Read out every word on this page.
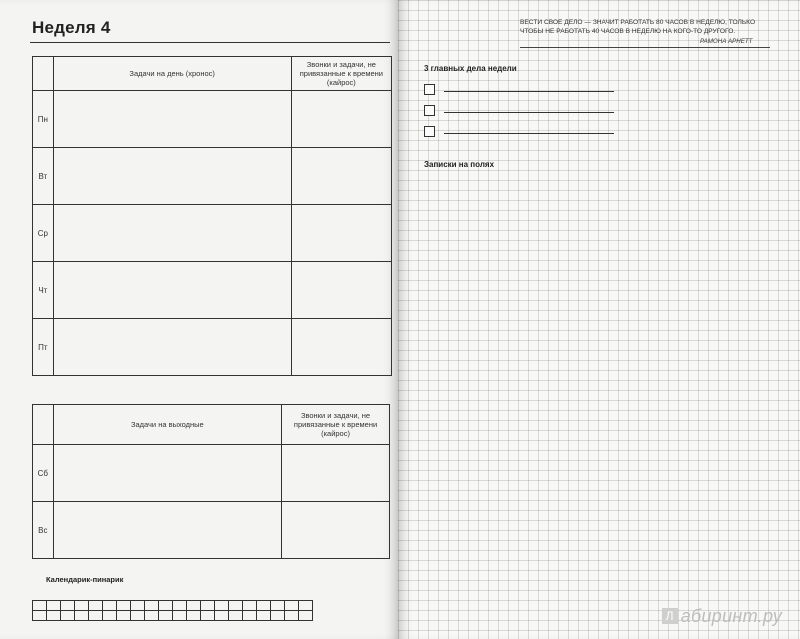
Неделя 4
	Задачи на день (хронос)	Звонки и задачи, не привязанные к времени (кайрос)
Пн		
Вт		
Ср		
Чт		
Пт		
	Задачи на выходные	Звонки и задачи, не привязанные к времени (кайрос)
Сб		
Вс		
Календарик-пинарик

ВЕСТИ СВОЕ ДЕЛО — ЗНАЧИТ РАБОТАТЬ 80 ЧАСОВ В НЕДЕЛЮ, ТОЛЬКО ЧТОБЫ НЕ РАБОТАТЬ 40 ЧАСОВ В НЕДЕЛЮ НА КОГО-ТО ДРУГОГО.
РАМОНА АРНЕТТ
3 главных дела недели
Записки на полях
Л абиринт.ру
